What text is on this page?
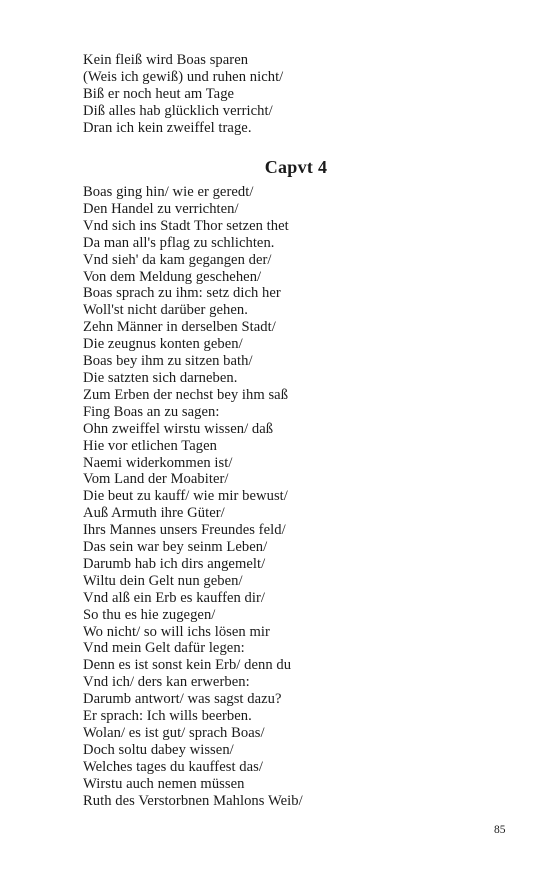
Kein fleiß wird Boas sparen
(Weis ich gewiß) und ruhen nicht/
Biß er noch heut am Tage
Diß alles hab glücklich verricht/
Dran ich kein zweiffel trage.
Capvt 4
Boas ging hin/ wie er geredt/
Den Handel zu verrichten/
Vnd sich ins Stadt Thor setzen thet
Da man all's pflag zu schlichten.
Vnd sieh' da kam gegangen der/
Von dem Meldung geschehen/
Boas sprach zu ihm: setz dich her
Woll'st nicht darüber gehen.
Zehn Männer in derselben Stadt/
Die zeugnus konten geben/
Boas bey ihm zu sitzen bath/
Die satzten sich darneben.
Zum Erben der nechst bey ihm saß
Fing Boas an zu sagen:
Ohn zweiffel wirstu wissen/ daß
Hie vor etlichen Tagen
Naemi widerkommen ist/
Vom Land der Moabiter/
Die beut zu kauff/ wie mir bewust/
Auß Armuth ihre Güter/
Ihrs Mannes unsers Freundes feld/
Das sein war bey seinm Leben/
Darumb hab ich dirs angemelt/
Wiltu dein Gelt nun geben/
Vnd alß ein Erb es kauffen dir/
So thu es hie zugegen/
Wo nicht/ so will ichs lösen mir
Vnd mein Gelt dafür legen:
Denn es ist sonst kein Erb/ denn du
Vnd ich/ ders kan erwerben:
Darumb antwort/ was sagst dazu?
Er sprach: Ich wills beerben.
Wolan/ es ist gut/ sprach Boas/
Doch soltu dabey wissen/
Welches tages du kauffest das/
Wirstu auch nemen müssen
Ruth des Verstorbnen Mahlons Weib/
85
